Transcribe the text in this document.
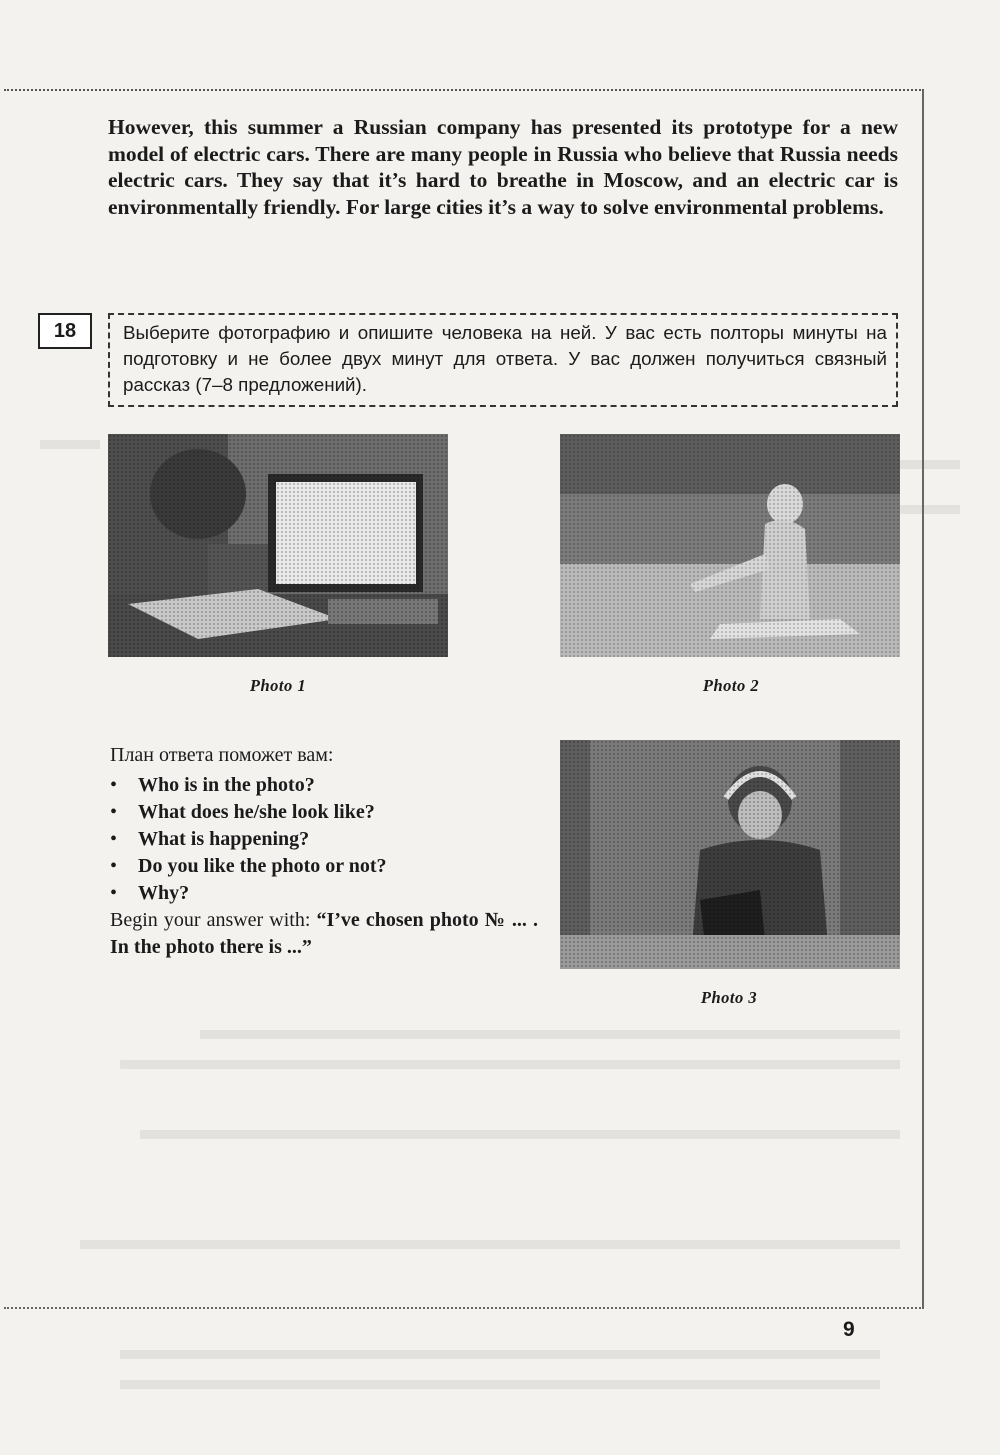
However, this summer a Russian company has presented its prototype for a new model of electric cars. There are many people in Russia who believe that Russia needs electric cars. They say that it’s hard to breathe in Moscow, and an electric car is environmentally friendly. For large cities it’s a way to solve environmental problems.

18	Выберите фотографию и опишите человека на ней. У вас есть полторы минуты на подготовку и не более двух минут для ответа. У вас должен получиться связный рассказ (7–8 предложений).
Photo 1	Photo 2
Photo 3

План ответа поможет вам:

• Who is in the photo?
• What does he/she look like?
• What is happening?
• Do you like the photo or not?
• Why?

Begin your answer with: “I’ve chosen photo № ... . In the photo there is ...”

9
